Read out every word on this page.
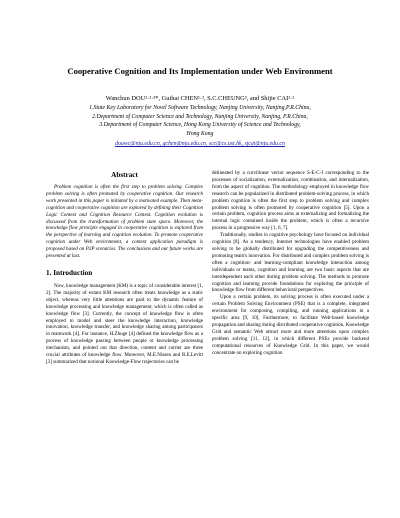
Cooperative Cognition and Its Implementation under Web Environment
Wanchun DOU¹·²·³*, Guihai CHEN¹·², S.C.CHEUNG³, and Shijie CAI¹·²
1.State Key Laboratory for Novel Software Technology, Nanjing University, Nanjing,P.R.China,
2.Department of Computer Science and Technology, Nanjing University, Nanjing, P.R.China,
3.Department of Computer Science, Hong Kong University of Science and Technology,
Hong Kong
douwc@nju.edu.cn, gchen@nju.edu.cn, scc@cs.ust.hk, sjcai@nju.edu.cn
Abstract

Problem cognition is often the first step to problem solving. Complex problem solving is often promoted by cooperative cognition. Our research work presented in this paper is initiated by a motivated example. Then meta-cognition and cooperative cognition are explored by defining their Cognition Logic Context and Cognition Resource Context. Cognition evolution is discussed from the transformation of problem state space. Moreover, the knowledge flow principle engaged in cooperative cognition is explored from the perspective of learning and cognition evolution. To promote cooperative cognition under Web environment, a context application paradigm is proposed based on P2P scenarios. The conclusions and our future works are presented at last.

1. Introduction

Now, knowledge management (KM) is a topic of considerable interest [1, 2]. The majority of extant KM research often treats knowledge as a static object, whereas very little attentions are paid to the dynamic feature of knowledge processing and knowledge management, which is often called as knowledge flow [3]. Currently, the concept of knowledge flow is often employed to model and steer the knowledge interaction, knowledge innovation, knowledge transfer, and knowledge sharing among participators in teamwork [4]. For instance, H.Zhuge [4] defined the knowledge flow as a process of knowledge passing between people or knowledge processing mechanism, and pointed out that direction, content and carrier are three crucial attributes of knowledge flow. Moreover, M.E.Nissen and R.E.Levitt [3] summarized that notional Knowledge-Flow trajectories can be

delineated by a curvilinear vector sequence S-E-C-I corresponding to the processes of socialization, externalization, combination, and internalization, from the aspect of cognition. The methodology employed in knowledge flow research can be popularized in distributed problem-solving process, in which problem cognition is often the first step to problem solving and complex problem solving is often promoted by cooperative cognition [5]. Upon a certain problem, cognition process aims at externalizing and formalizing the internal logic contained inside the problem, which is often a recursive process in a progressive way [1, 6, 7].

Traditionally, studies in cognitive psychology have focused on individual cognition [8]. As a tendency, Internet technologies have enabled problem solving to be globally distributed for upgrading the competitiveness and promoting team's innovation. For distributed and complex problem solving is often a cognition- and learning-compliant knowledge interaction among individuals or teams, cognition and learning are two basic aspects that are interdependent each other during problem solving. The methods to promote cognition and learning provide foundations for exploring the principle of knowledge flow from different behavioral perspectives.

Upon a certain problem, its solving process is often executed under a certain Problem Solving Environment (PSE) that is a complete, integrated environment for composing, compiling, and running applications in a specific area [9, 10]. Furthermore, to facilitate Web-based knowledge propagation and sharing during distributed cooperative cognition, Knowledge Grid and semantic Web attract more and more attentions upon complex problem solving [11, 12], in which different PSEs provide backend computational resources of Knowledge Grid. In this paper, we would concentrate on exploring cognition
